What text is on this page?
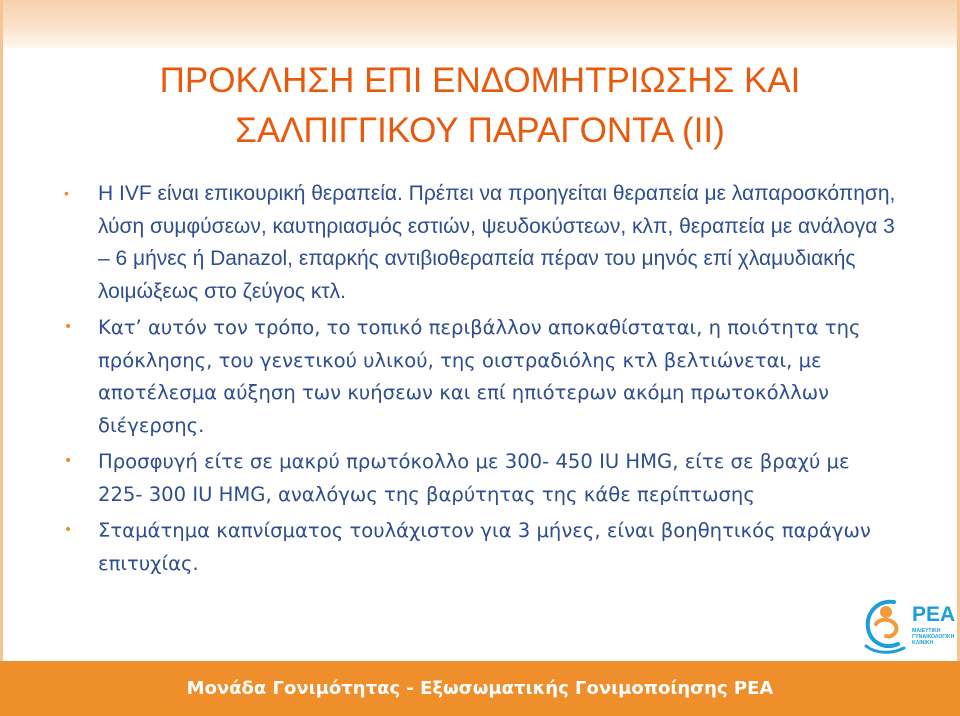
ΠΡΟΚΛΗΣΗ ΕΠΙ ΕΝΔΟΜΗΤΡΙΩΣΗΣ ΚΑΙ
ΣΑΛΠΙΓΓΙΚΟΥ ΠΑΡΑΓΟΝΤΑ (ΙΙ)
• Η IVF είναι επικουρική θεραπεία. Πρέπει να προηγείται θεραπεία με λαπαροσκόπηση, λύση συμφύσεων, καυτηριασμός εστιών, ψευδοκύστεων, κλπ, θεραπεία με ανάλογα 3 – 6 μήνες ή Danazol, επαρκής αντιβιοθεραπεία πέραν του μηνός επί χλαμυδιακής λοιμώξεως στο ζεύγος κτλ.
• Κατ’ αυτόν τον τρόπο, το τοπικό περιβάλλον αποκαθίσταται, η ποιότητα της πρόκλησης, του γενετικού υλικού, της οιστραδιόλης κτλ βελτιώνεται, με αποτέλεσμα αύξηση των κυήσεων και επί ηπιότερων ακόμη πρωτοκόλλων διέγερσης.
• Προσφυγή είτε σε μακρύ πρωτόκολλο με 300- 450 IU HMG, είτε σε βραχύ με 225- 300 IU HMG, αναλόγως της βαρύτητας της κάθε περίπτωσης
• Σταμάτημα καπνίσματος τουλάχιστον για 3 μήνες, είναι βοηθητικός παράγων επιτυχίας.
ΡΕΑ
ΜΑΙΕΥΤΙΚΗ
ΓΥΝΑΙΚΟΛΟΓΙΚΗ
ΚΛΙΝΙΚΗ
Μονάδα Γονιμότητας - Εξωσωματικής Γονιμοποίησης ΡΕΑ
